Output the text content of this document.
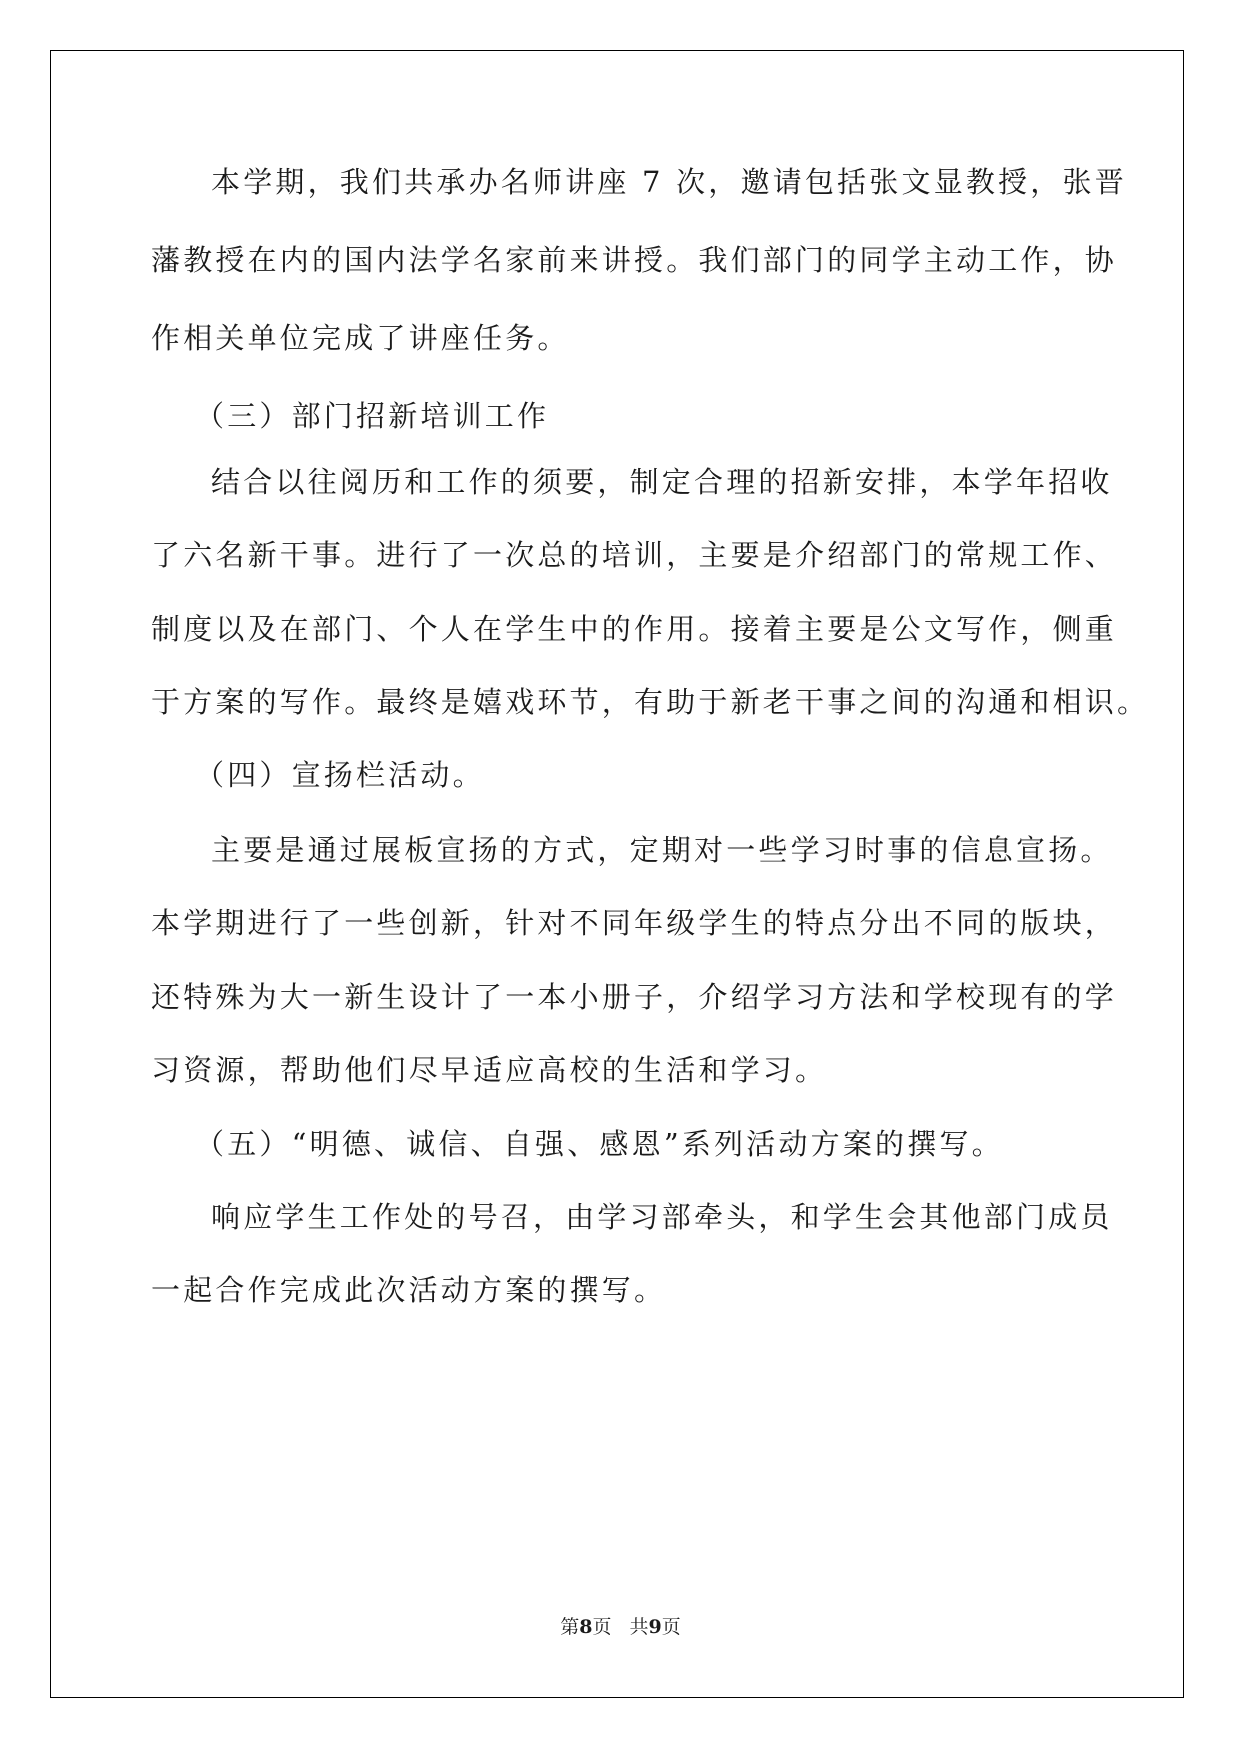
本学期，我们共承办名师讲座 7 次，邀请包括张文显教授，张晋
藩教授在内的国内法学名家前来讲授。我们部门的同学主动工作，协
作相关单位完成了讲座任务。
（三）部门招新培训工作
结合以往阅历和工作的须要，制定合理的招新安排，本学年招收
了六名新干事。进行了一次总的培训，主要是介绍部门的常规工作、
制度以及在部门、个人在学生中的作用。接着主要是公文写作，侧重
于方案的写作。最终是嬉戏环节，有助于新老干事之间的沟通和相识。
（四）宣扬栏活动。
主要是通过展板宣扬的方式，定期对一些学习时事的信息宣扬。
本学期进行了一些创新，针对不同年级学生的特点分出不同的版块，
还特殊为大一新生设计了一本小册子，介绍学习方法和学校现有的学
习资源，帮助他们尽早适应高校的生活和学习。
（五）“明德、诚信、自强、感恩”系列活动方案的撰写。
响应学生工作处的号召，由学习部牵头，和学生会其他部门成员
一起合作完成此次活动方案的撰写。
第8页 共9页
